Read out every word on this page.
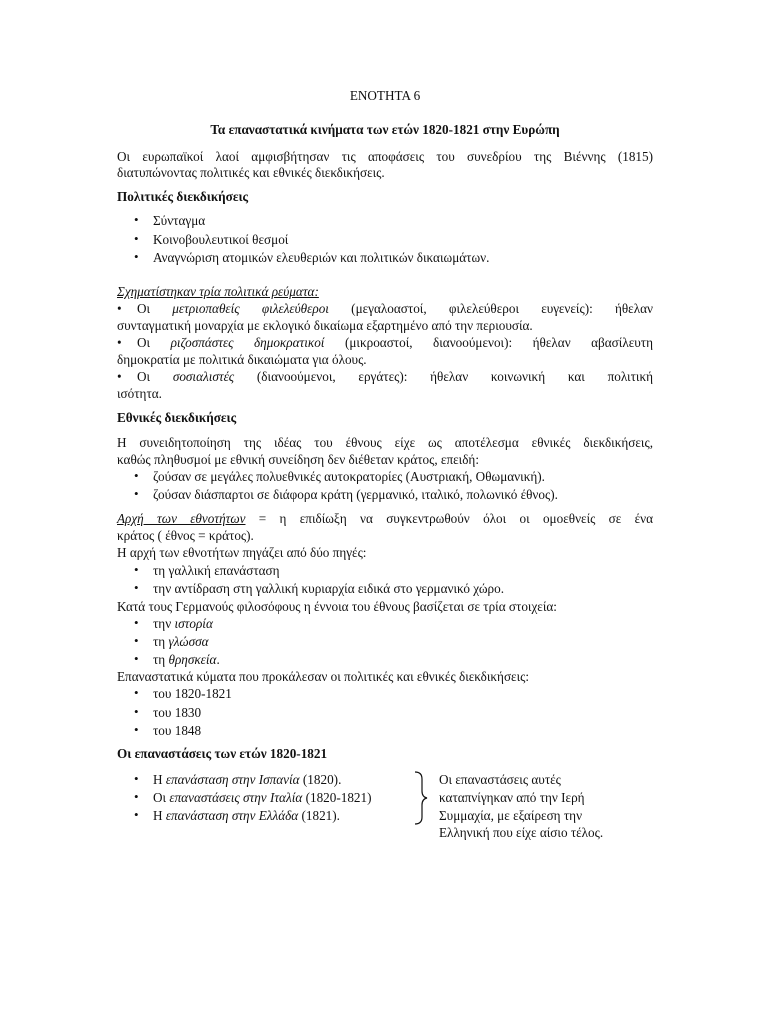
ΕΝΟΤΗΤΑ 6
Τα επαναστατικά κινήματα των ετών 1820-1821 στην Ευρώπη
Οι ευρωπαϊκοί λαοί αμφισβήτησαν τις αποφάσεις του συνεδρίου της Βιέννης (1815)
διατυπώνοντας πολιτικές και εθνικές διεκδικήσεις.
Πολιτικές διεκδικήσεις
• Σύνταγμα
• Κοινοβουλευτικοί θεσμοί
• Αναγνώριση ατομικών ελευθεριών και πολιτικών δικαιωμάτων.
Σχηματίστηκαν τρία πολιτικά ρεύματα:
• Οι μετριοπαθείς φιλελεύθεροι (μεγαλοαστοί, φιλελεύθεροι ευγενείς): ήθελαν
συνταγματική μοναρχία με εκλογικό δικαίωμα εξαρτημένο από την περιουσία.
• Οι ριζοσπάστες δημοκρατικοί (μικροαστοί, διανοούμενοι): ήθελαν αβασίλευτη
δημοκρατία με πολιτικά δικαιώματα για όλους.
• Οι σοσιαλιστές (διανοούμενοι, εργάτες): ήθελαν κοινωνική και πολιτική
ισότητα.
Εθνικές διεκδικήσεις
Η συνειδητοποίηση της ιδέας του έθνους είχε ως αποτέλεσμα εθνικές διεκδικήσεις,
καθώς πληθυσμοί με εθνική συνείδηση δεν διέθεταν κράτος, επειδή:
• ζούσαν σε μεγάλες πολυεθνικές αυτοκρατορίες (Αυστριακή, Οθωμανική).
• ζούσαν διάσπαρτοι σε διάφορα κράτη (γερμανικό, ιταλικό, πολωνικό έθνος).
Αρχή των εθνοτήτων = η επιδίωξη να συγκεντρωθούν όλοι οι ομοεθνείς σε ένα
κράτος ( έθνος = κράτος).
Η αρχή των εθνοτήτων πηγάζει από δύο πηγές:
• τη γαλλική επανάσταση
• την αντίδραση στη γαλλική κυριαρχία ειδικά στο γερμανικό χώρο.
Κατά τους Γερμανούς φιλοσόφους η έννοια του έθνους βασίζεται σε τρία στοιχεία:
• την ιστορία
• τη γλώσσα
• τη θρησκεία.
Επαναστατικά κύματα που προκάλεσαν οι πολιτικές και εθνικές διεκδικήσεις:
• του 1820-1821
• του 1830
• του 1848
Οι επαναστάσεις των ετών 1820-1821
• Η επανάσταση στην Ισπανία (1820).
• Οι επαναστάσεις στην Ιταλία (1820-1821)
• Η επανάσταση στην Ελλάδα (1821).
Οι επαναστάσεις αυτές
καταπνίγηκαν από την Ιερή
Συμμαχία, με εξαίρεση την
Ελληνική που είχε αίσιο τέλος.
